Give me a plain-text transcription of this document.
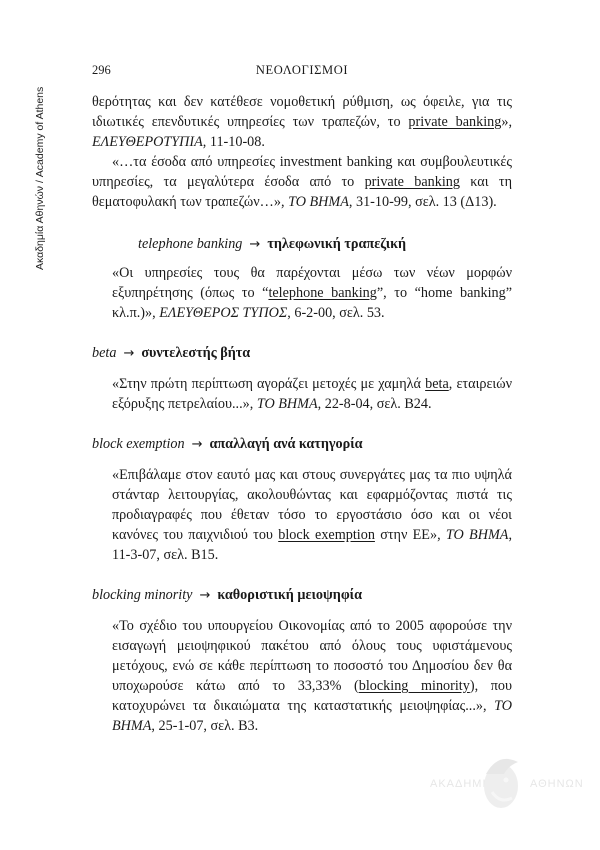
Ακαδημία Αθηνών / Academy of Athens
296	ΝΕΟΛΟΓΙΣΜΟΙ

θερότητας και δεν κατέθεσε νομοθετική ρύθμιση, ως όφειλε, για τις ιδιωτικές επενδυτικές υπηρεσίες των τραπεζών, το private banking», ΕΛΕΥΘΕΡΟΤΥΠΙΑ, 11-10-08.

«…τα έσοδα από υπηρεσίες investment banking και συμβουλευτικές υπηρεσίες, τα μεγαλύτερα έσοδα από το private banking και τη θεματοφυλακή των τραπεζών…», ΤΟ ΒΗΜΑ, 31-10-99, σελ. 13 (Δ13).

telephone banking → τηλεφωνική τραπεζική

«Οι υπηρεσίες τους θα παρέχονται μέσω των νέων μορφών εξυπηρέτησης (όπως το “telephone banking”, το “home banking” κλ.π.)», ΕΛΕΥΘΕΡΟΣ ΤΥΠΟΣ, 6-2-00, σελ. 53.

beta → συντελεστής βήτα

«Στην πρώτη περίπτωση αγοράζει μετοχές με χαμηλά beta, εταιρειών εξόρυξης πετρελαίου...», ΤΟ ΒΗΜΑ, 22-8-04, σελ. Β24.

block exemption → απαλλαγή ανά κατηγορία

«Επιβάλαμε στον εαυτό μας και στους συνεργάτες μας τα πιο υψηλά στάνταρ λειτουργίας, ακολουθώντας και εφαρμόζοντας πιστά τις προδιαγραφές που έθεταν τόσο το εργοστάσιο όσο και οι νέοι κανόνες του παιχνιδιού του block exemption στην ΕΕ», ΤΟ ΒΗΜΑ, 11-3-07, σελ. Β15.

blocking minority → καθοριστική μειοψηφία

«Το σχέδιο του υπουργείου Οικονομίας από το 2005 αφορούσε την εισαγωγή μειοψηφικού πακέτου από όλους τους υφιστάμενους μετόχους, ενώ σε κάθε περίπτωση το ποσοστό του Δημοσίου δεν θα υποχωρούσε κάτω από το 33,33% (blocking minority), που κατοχυρώνει τα δικαιώματα της καταστατικής μειοψηφίας...», ΤΟ ΒΗΜΑ, 25-1-07, σελ. Β3.

ΑΚΑΔΗΜΙΑ	ΑΘΗΝΩΝ
